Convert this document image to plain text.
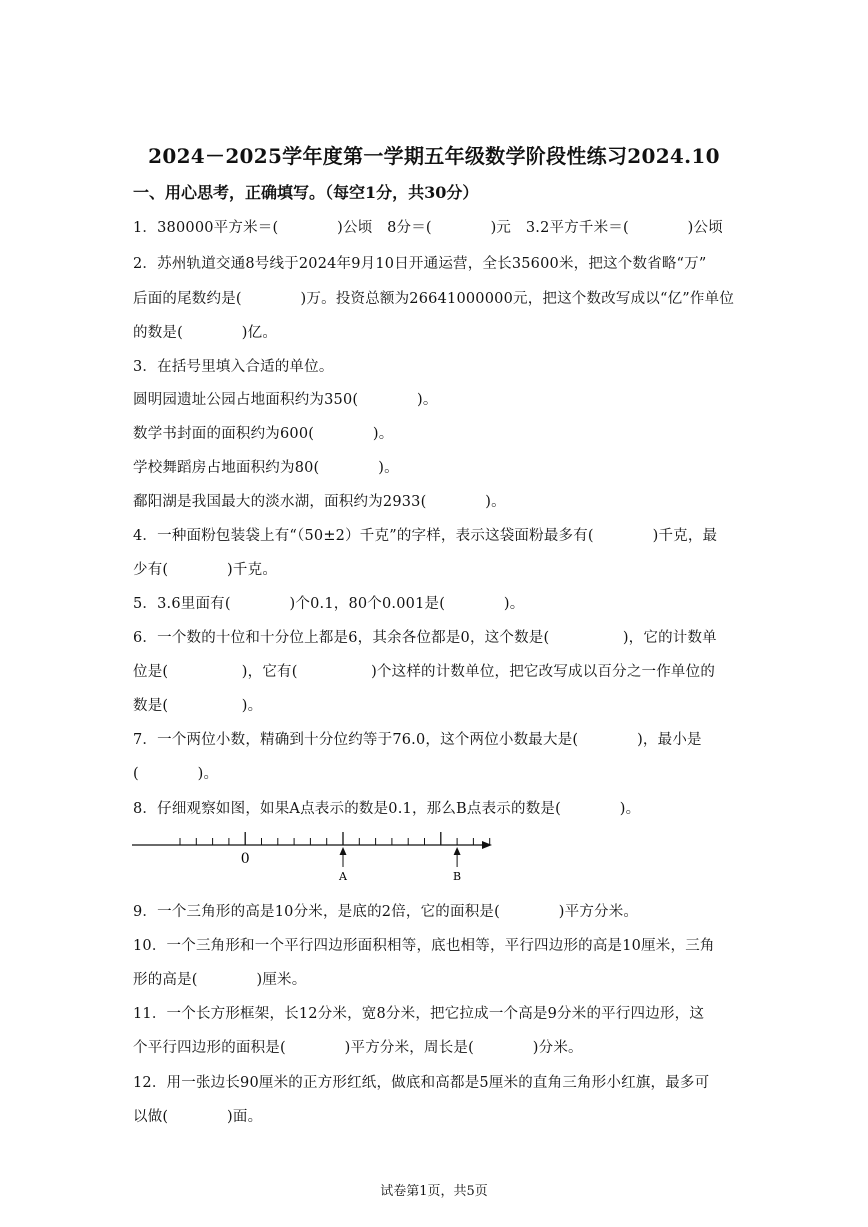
2024－2025学年度第一学期五年级数学阶段性练习2024.10
一、用心思考，正确填写。（每空1分，共30分）
1．380000平方米＝(　　　　)公顷　8分＝(　　　　)元　3.2平方千米＝(　　　　)公顷
2．苏州轨道交通8号线于2024年9月10日开通运营，全长35600米，把这个数省略“万”
后面的尾数约是(　　　　)万。投资总额为26641000000元，把这个数改写成以“亿”作单位
的数是(　　　　)亿。
3．在括号里填入合适的单位。
圆明园遗址公园占地面积约为350(　　　　)。
数学书封面的面积约为600(　　　　)。
学校舞蹈房占地面积约为80(　　　　)。
鄱阳湖是我国最大的淡水湖，面积约为2933(　　　　)。
4．一种面粉包装袋上有“（50±2）千克”的字样，表示这袋面粉最多有(　　　　)千克，最
少有(　　　　)千克。
5．3.6里面有(　　　　)个0.1，80个0.001是(　　　　)。
6．一个数的十位和十分位上都是6，其余各位都是0，这个数是(　　　　　)，它的计数单
位是(　　　　　)，它有(　　　　　)个这样的计数单位，把它改写成以百分之一作单位的
数是(　　　　　)。
7．一个两位小数，精确到十分位约等于76.0，这个两位小数最大是(　　　　)，最小是
(　　　　)。
8．仔细观察如图，如果A点表示的数是0.1，那么B点表示的数是(　　　　)。
0
A	B
9．一个三角形的高是10分米，是底的2倍，它的面积是(　　　　)平方分米。
10．一个三角形和一个平行四边形面积相等，底也相等，平行四边形的高是10厘米，三角
形的高是(　　　　)厘米。
11．一个长方形框架，长12分米，宽8分米，把它拉成一个高是9分米的平行四边形，这
个平行四边形的面积是(　　　　)平方分米，周长是(　　　　)分米。
12．用一张边长90厘米的正方形红纸，做底和高都是5厘米的直角三角形小红旗，最多可
以做(　　　　)面。
试卷第1页，共5页
